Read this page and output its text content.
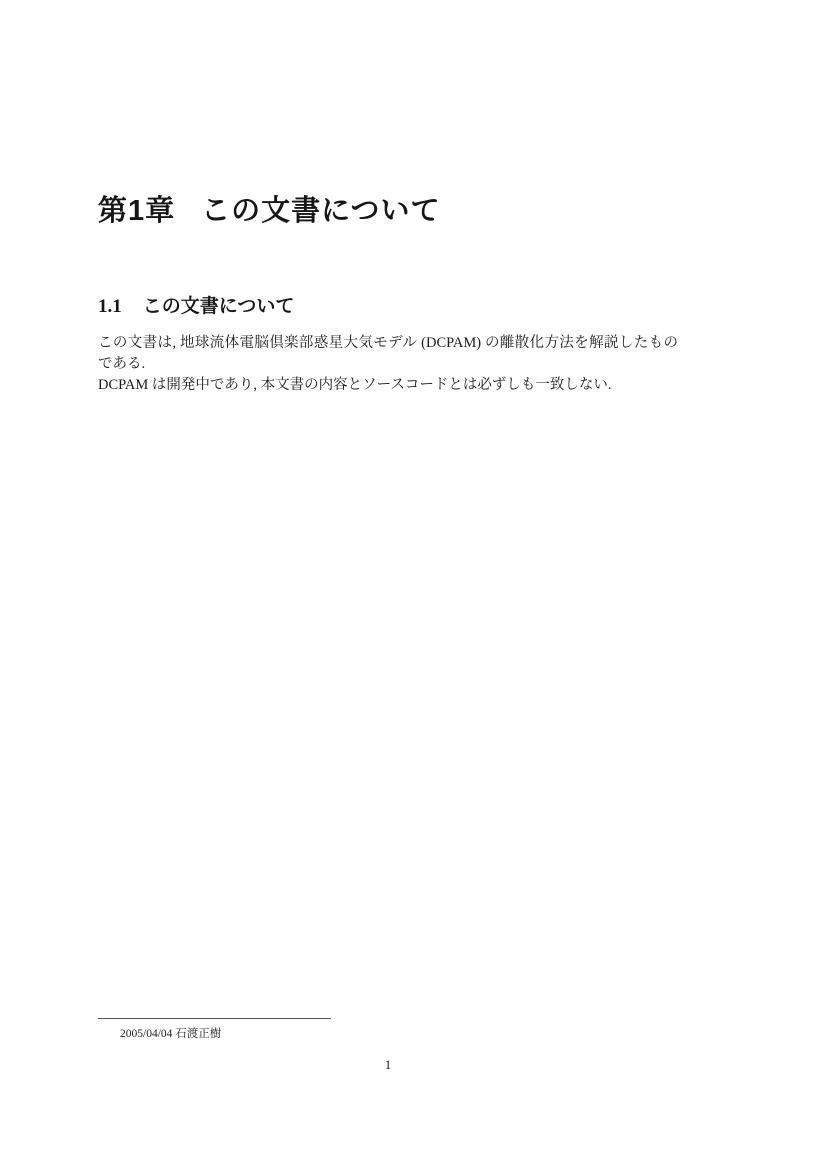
第1章 この文書について
1.1 この文書について

この文書は, 地球流体電脳倶楽部惑星大気モデル (DCPAM) の離散化方法を解説したものである.

DCPAM は開発中であり, 本文書の内容とソースコードとは必ずしも一致しない.

2005/04/04 石渡正樹
1
